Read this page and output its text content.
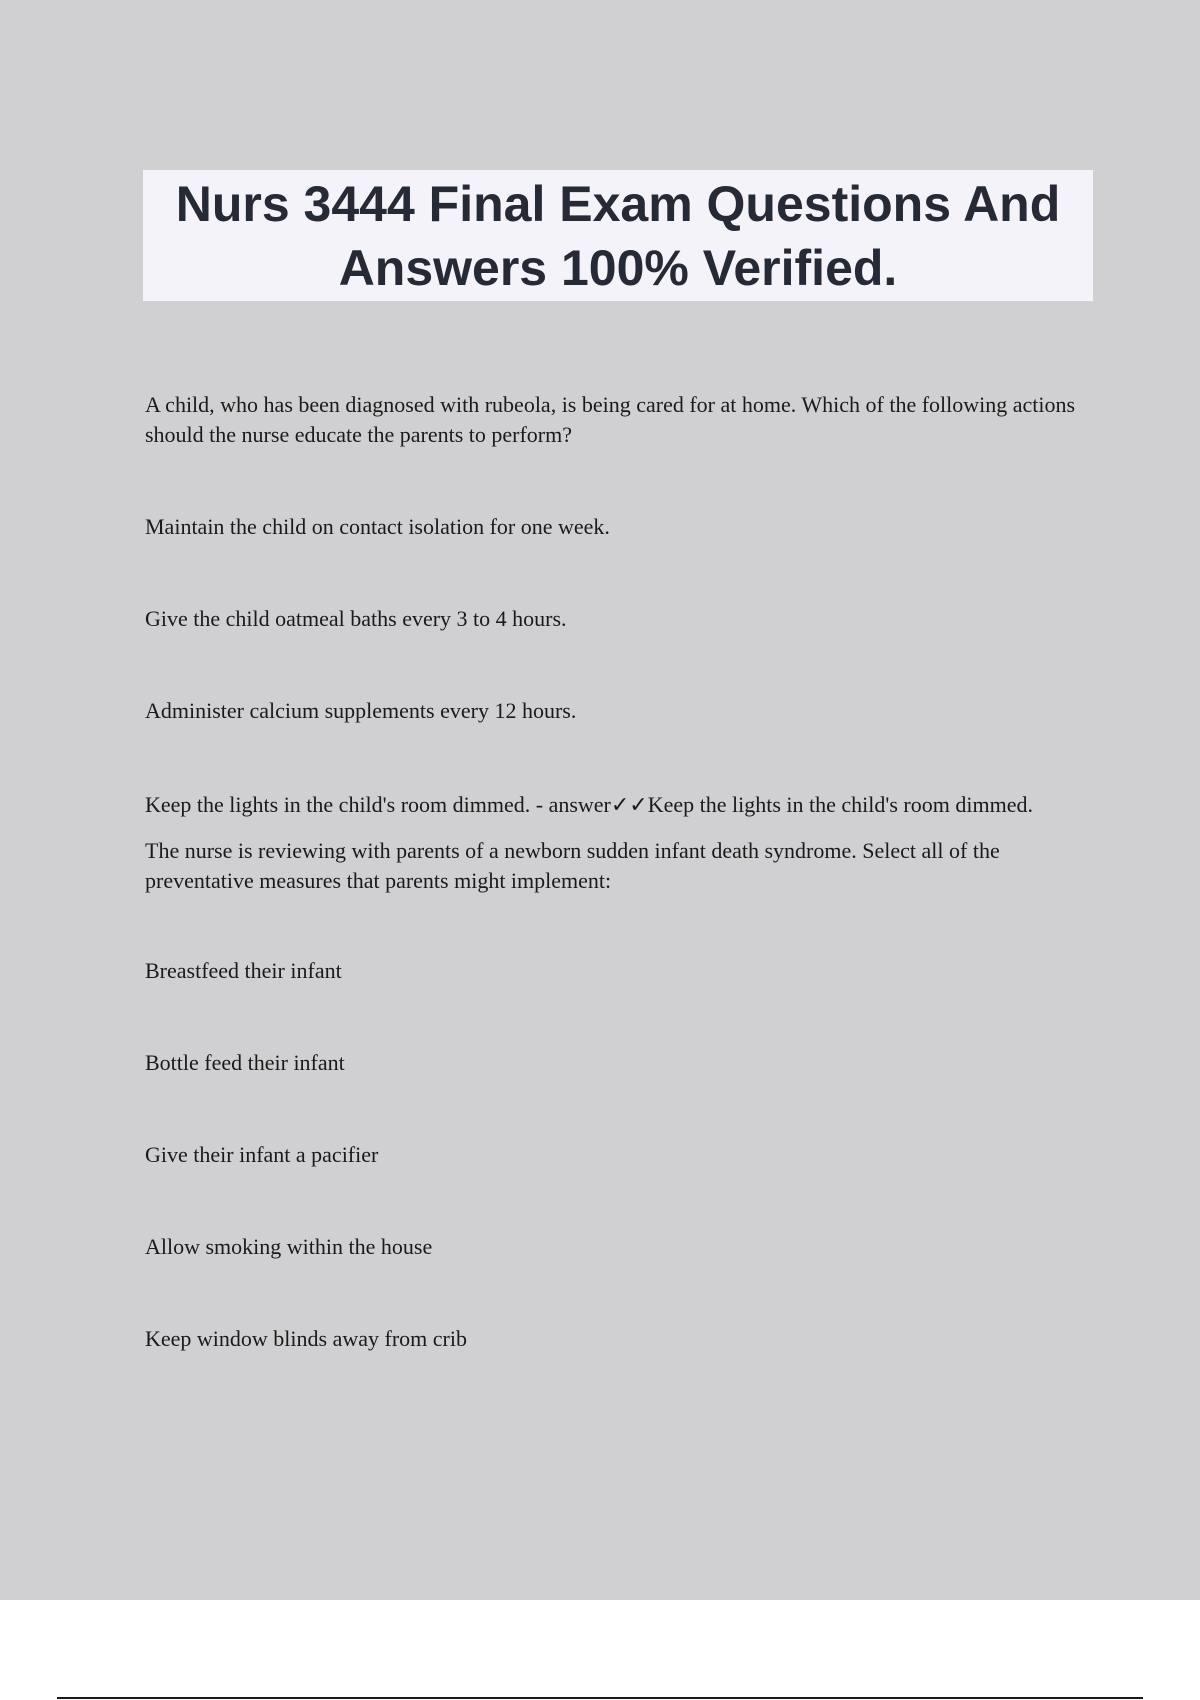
Nurs 3444 Final Exam Questions And Answers 100% Verified.

A child, who has been diagnosed with rubeola, is being cared for at home. Which of the following actions should the nurse educate the parents to perform?

Maintain the child on contact isolation for one week.

Give the child oatmeal baths every 3 to 4 hours.

Administer calcium supplements every 12 hours.

Keep the lights in the child's room dimmed. - answer✓✓Keep the lights in the child's room dimmed.

The nurse is reviewing with parents of a newborn sudden infant death syndrome. Select all of the preventative measures that parents might implement:

Breastfeed their infant

Bottle feed their infant

Give their infant a pacifier

Allow smoking within the house

Keep window blinds away from crib
